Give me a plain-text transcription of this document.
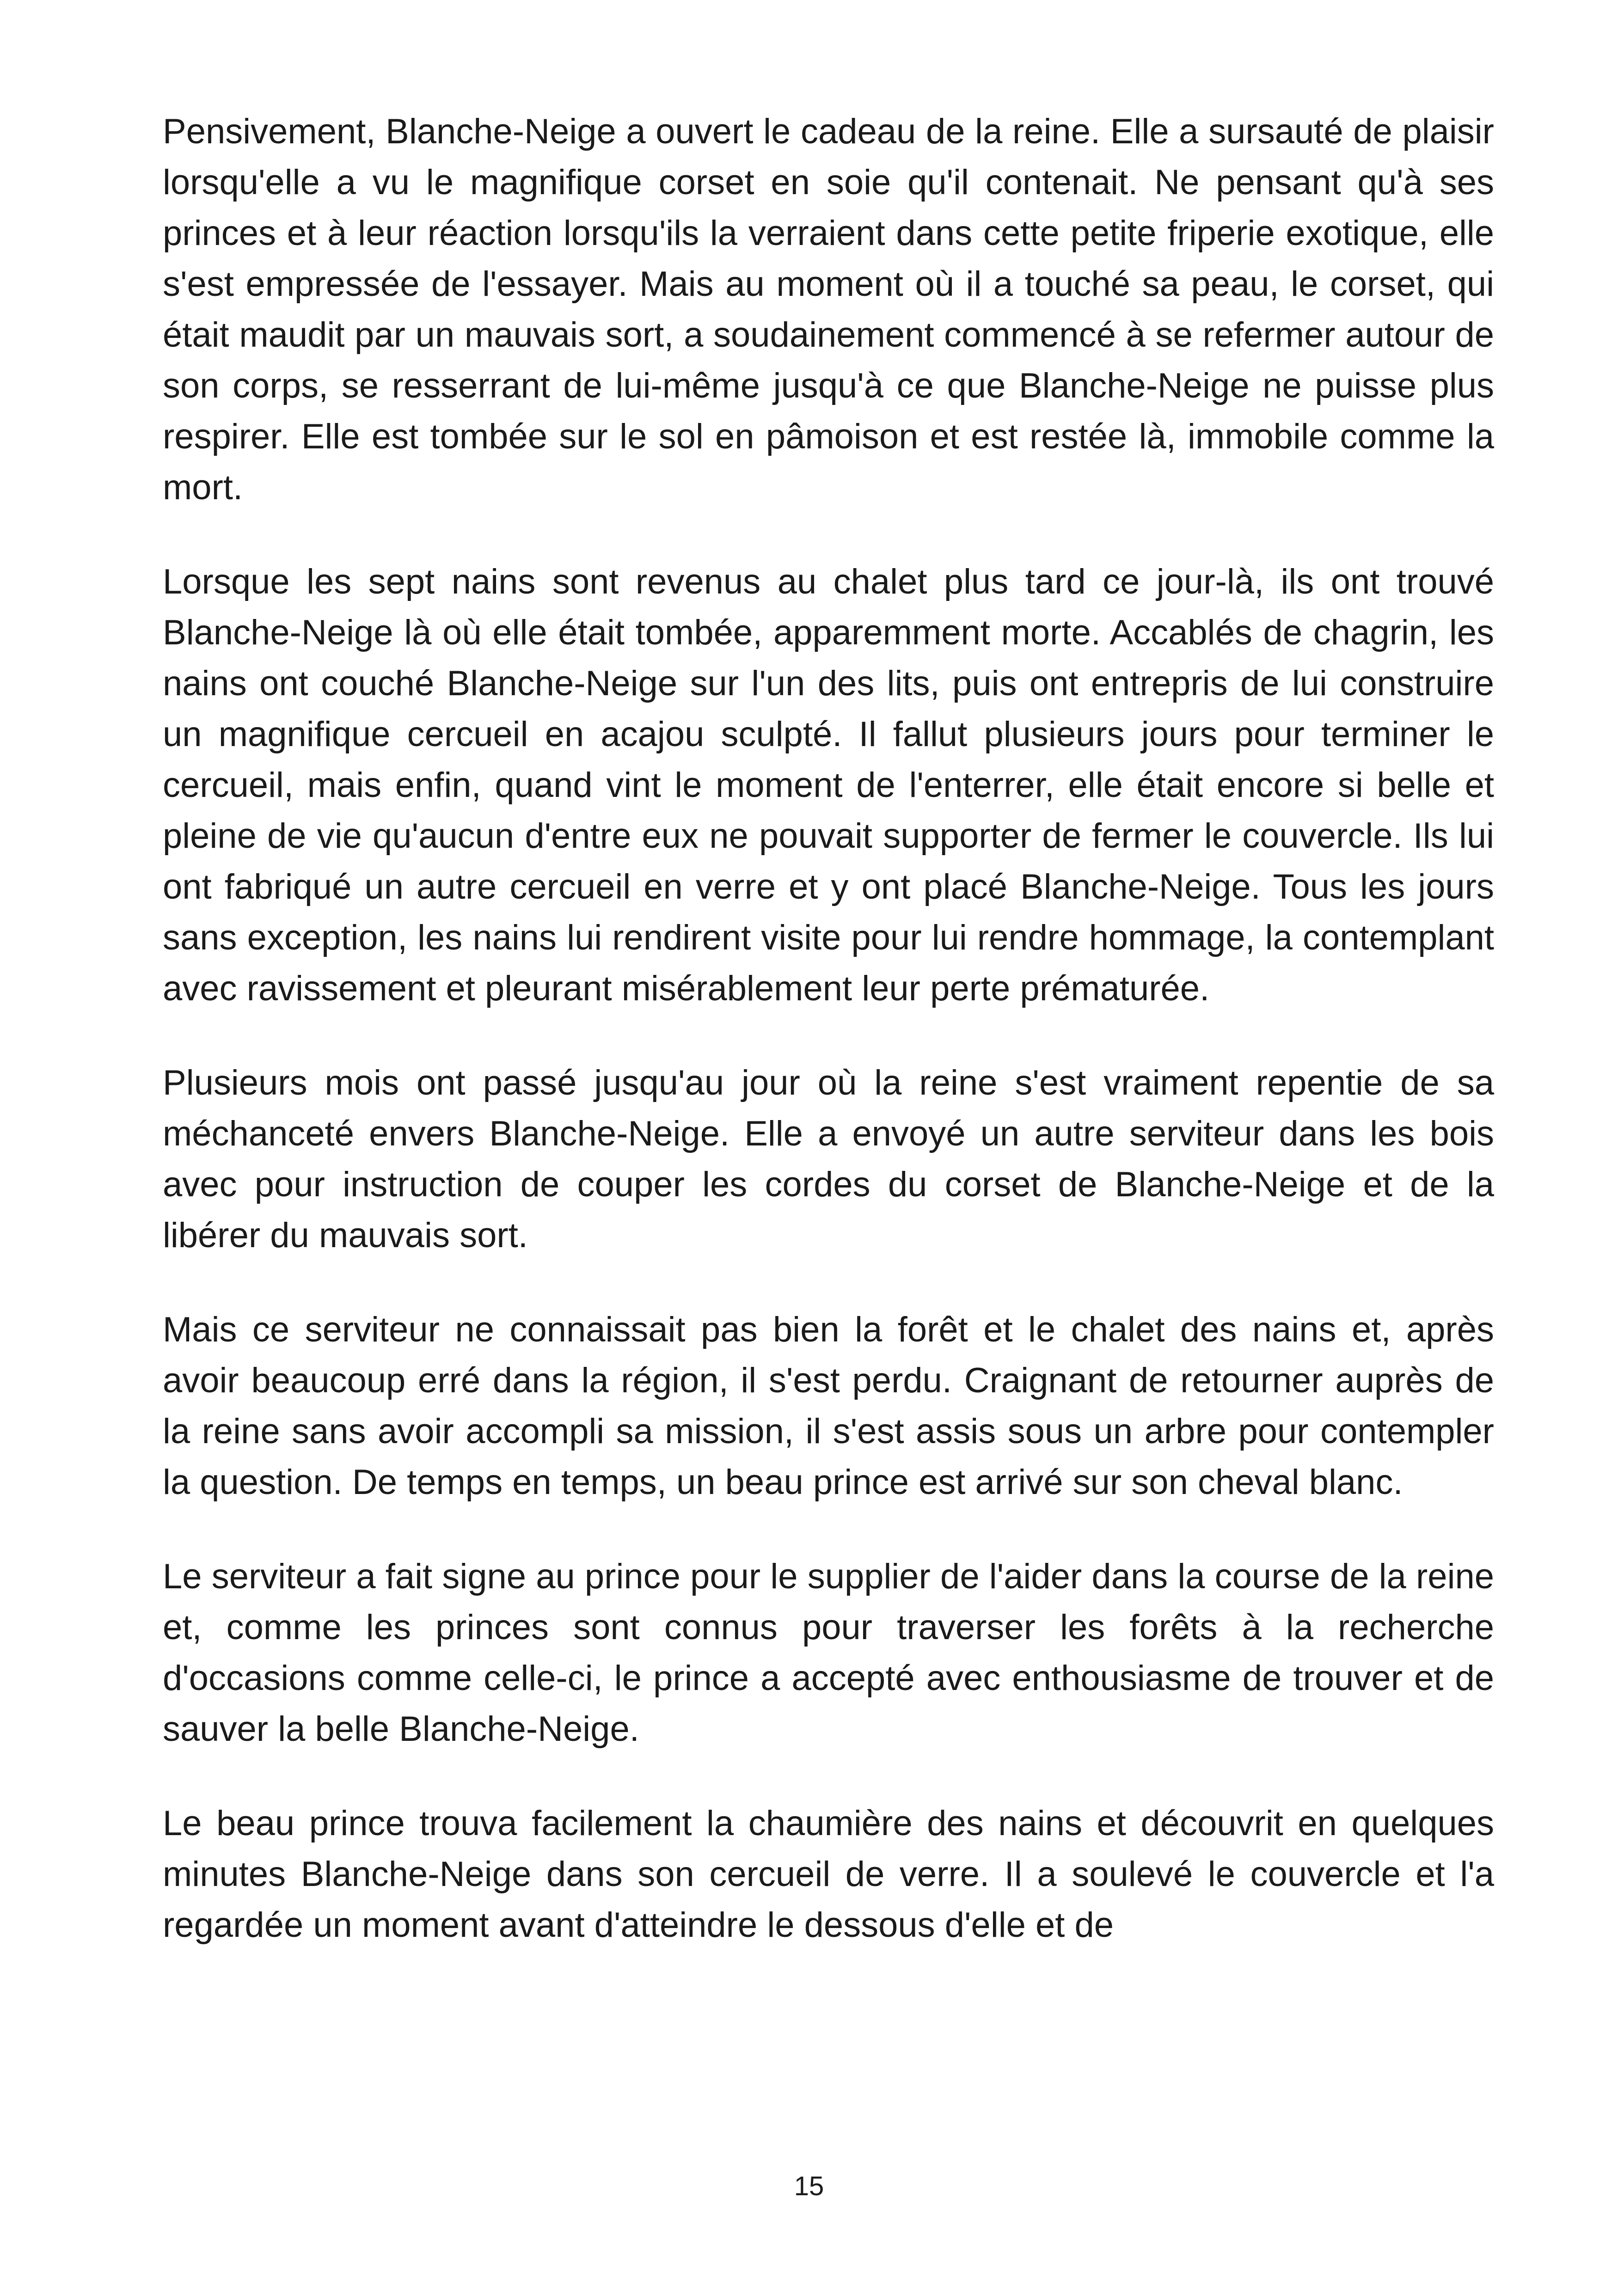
Pensivement, Blanche-Neige a ouvert le cadeau de la reine. Elle a sursauté de plaisir lorsqu'elle a vu le magnifique corset en soie qu'il contenait. Ne pensant qu'à ses princes et à leur réaction lorsqu'ils la verraient dans cette petite friperie exotique, elle s'est empressée de l'essayer. Mais au moment où il a touché sa peau, le corset, qui était maudit par un mauvais sort, a soudainement commencé à se refermer autour de son corps, se resserrant de lui-même jusqu'à ce que Blanche-Neige ne puisse plus respirer. Elle est tombée sur le sol en pâmoison et est restée là, immobile comme la mort.

Lorsque les sept nains sont revenus au chalet plus tard ce jour-là, ils ont trouvé Blanche-Neige là où elle était tombée, apparemment morte. Accablés de chagrin, les nains ont couché Blanche-Neige sur l'un des lits, puis ont entrepris de lui construire un magnifique cercueil en acajou sculpté. Il fallut plusieurs jours pour terminer le cercueil, mais enfin, quand vint le moment de l'enterrer, elle était encore si belle et pleine de vie qu'aucun d'entre eux ne pouvait supporter de fermer le couvercle. Ils lui ont fabriqué un autre cercueil en verre et y ont placé Blanche-Neige. Tous les jours sans exception, les nains lui rendirent visite pour lui rendre hommage, la contemplant avec ravissement et pleurant misérablement leur perte prématurée.

Plusieurs mois ont passé jusqu'au jour où la reine s'est vraiment repentie de sa méchanceté envers Blanche-Neige. Elle a envoyé un autre serviteur dans les bois avec pour instruction de couper les cordes du corset de Blanche-Neige et de la libérer du mauvais sort.

Mais ce serviteur ne connaissait pas bien la forêt et le chalet des nains et, après avoir beaucoup erré dans la région, il s'est perdu. Craignant de retourner auprès de la reine sans avoir accompli sa mission, il s'est assis sous un arbre pour contempler la question. De temps en temps, un beau prince est arrivé sur son cheval blanc.

Le serviteur a fait signe au prince pour le supplier de l'aider dans la course de la reine et, comme les princes sont connus pour traverser les forêts à la recherche d'occasions comme celle-ci, le prince a accepté avec enthousiasme de trouver et de sauver la belle Blanche-Neige.

Le beau prince trouva facilement la chaumière des nains et découvrit en quelques minutes Blanche-Neige dans son cercueil de verre. Il a soulevé le couvercle et l'a regardée un moment avant d'atteindre le dessous d'elle et de

15
